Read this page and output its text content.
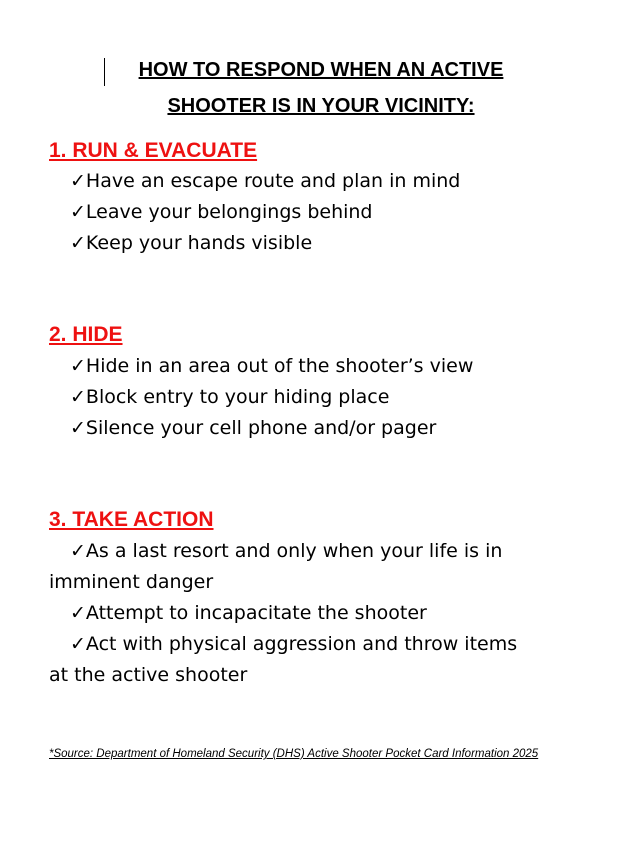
HOW TO RESPOND WHEN AN ACTIVE
SHOOTER IS IN YOUR VICINITY:
1. RUN & EVACUATE

✓Have an escape route and plan in mind

✓Leave your belongings behind

✓Keep your hands visible

2. HIDE

✓Hide in an area out of the shooter’s view

✓Block entry to your hiding place

✓Silence your cell phone and/or pager

3. TAKE ACTION

✓As a last resort and only when your life is in imminent danger

✓Attempt to incapacitate the shooter

✓Act with physical aggression and throw items at the active shooter

*Source: Department of Homeland Security (DHS) Active Shooter Pocket Card Information 2025
